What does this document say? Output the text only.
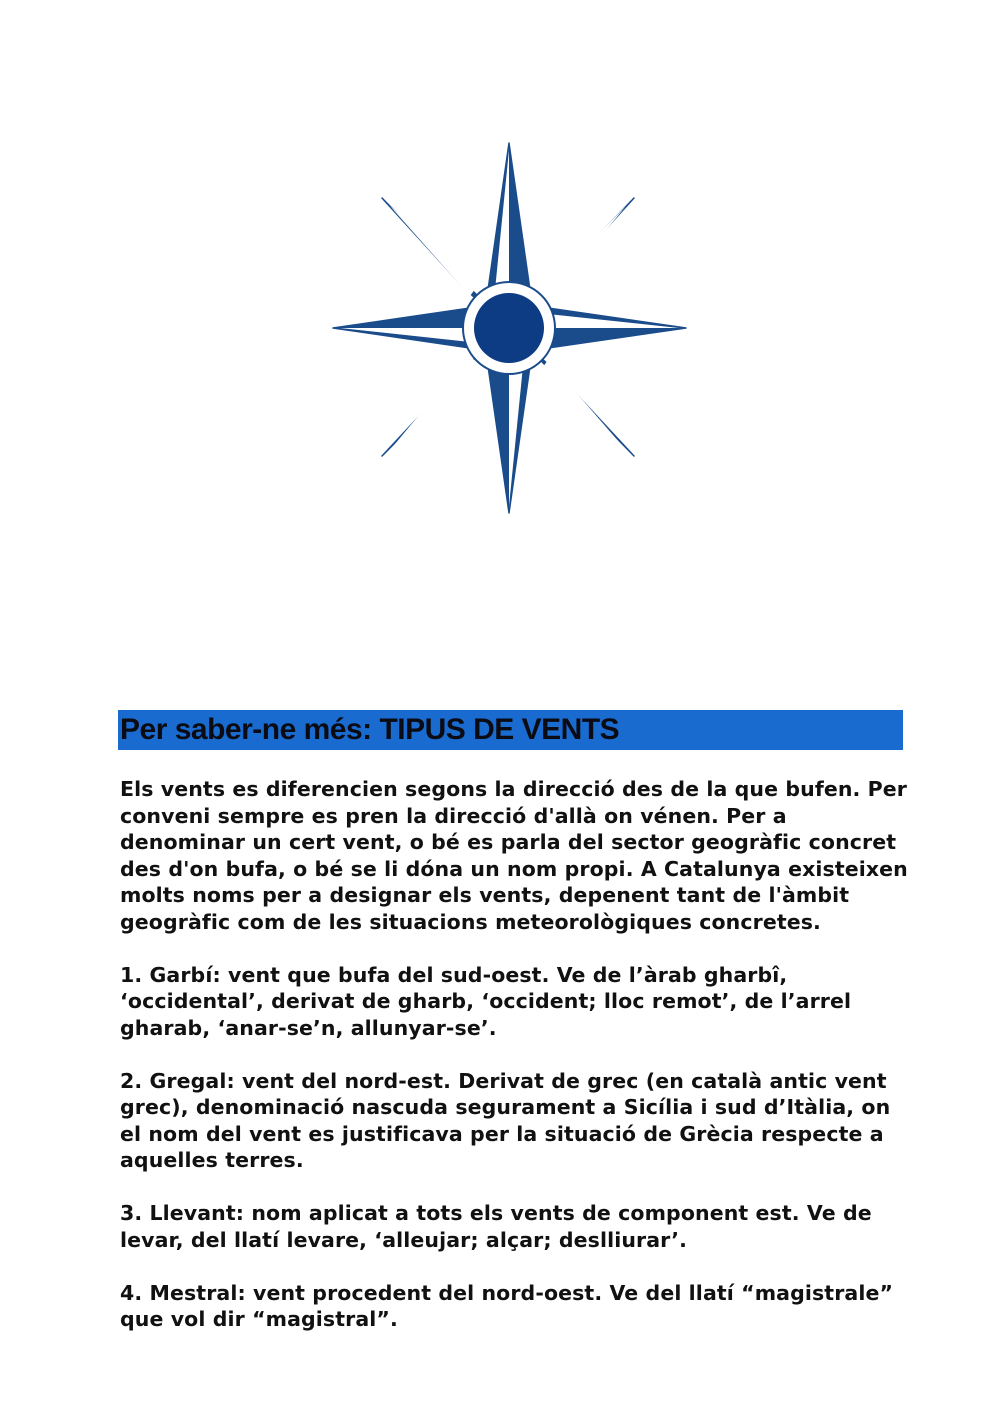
Per saber-ne més: TIPUS DE VENTS

Els vents es diferencien segons la direcció des de la que bufen. Per conveni sempre es pren la direcció d'allà on vénen. Per a denominar un cert vent, o bé es parla del sector geogràfic concret des d'on bufa, o bé se li dóna un nom propi. A Catalunya existeixen molts noms per a designar els vents, depenent tant de l'àmbit geogràfic com de les situacions meteorològiques concretes.

1. Garbí: vent que bufa del sud-oest. Ve de l’àrab gharbî, ‘occidental’, derivat de gharb, ‘occident; lloc remot’, de l’arrel gharab, ‘anar-se’n, allunyar-se’.

2. Gregal: vent del nord-est. Derivat de grec (en català antic vent grec), denominació nascuda segurament a Sicília i sud d’Itàlia, on el nom del vent es justificava per la situació de Grècia respecte a aquelles terres.

3. Llevant: nom aplicat a tots els vents de component est. Ve de levar, del llatí levare, ‘alleujar; alçar; deslliurar’.

4. Mestral: vent procedent del nord-oest. Ve del llatí “magistrale” que vol dir “magistral”.
